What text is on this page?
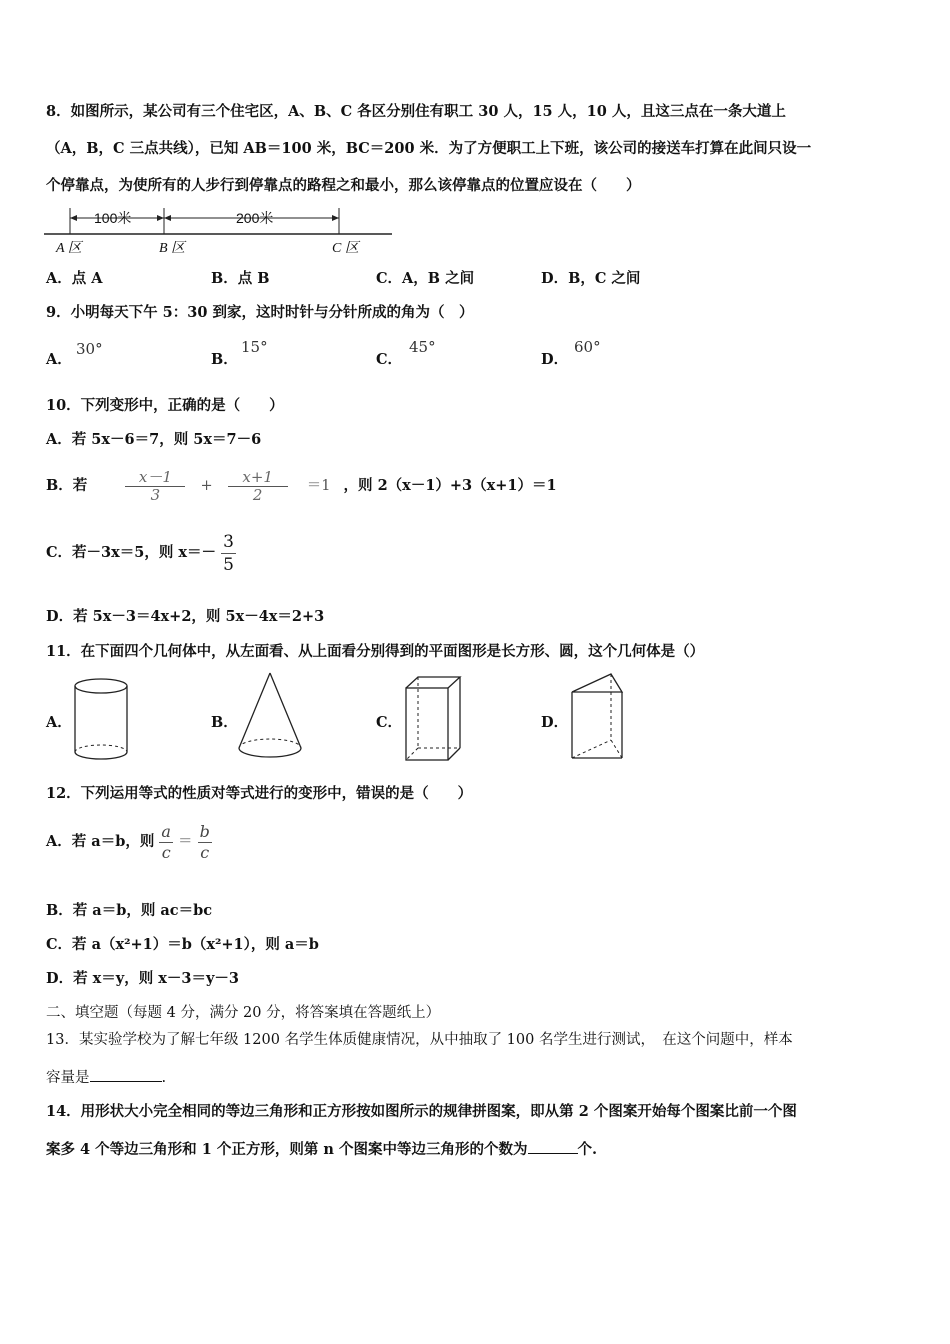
8．如图所示，某公司有三个住宅区，A、B、C 各区分别住有职工 30 人，15 人，10 人，且这三点在一条大道上
（A，B，C 三点共线），已知 AB＝100 米，BC＝200 米．为了方便职工上下班，该公司的接送车打算在此间只设一
个停靠点，为使所有的人步行到停靠点的路程之和最小，那么该停靠点的位置应设在（　　）
100米	200米
A 区	B 区	C 区
A．点 A	B．点 B	C．A，B 之间	D．B，C 之间
9．小明每天下午 5：30 到家，这时时针与分针所成的角为（　）
A．
30°
B．
15°
C．
45°
D．
60°
10．下列变形中，正确的是（　　）
A．若 5x－6＝7，则 5x＝7－6
B．若	$\frac{x-1}{3} + \frac{x+1}{2} =1$ ，则 2（x－1）+3（x+1）＝1
C．若－3x＝5，则 $x=- \frac{3}{5}$
D．若 5x－3＝4x+2，则 5x－4x＝2+3
11．在下面四个几何体中，从左面看、从上面看分别得到的平面图形是长方形、圆，这个几何体是（）
A．	B．	C．	D．
12．下列运用等式的性质对等式进行的变形中，错误的是（　　）
A．若 a＝b，则 $\frac{a}{c} = \frac{b}{c}$
B．若 a＝b，则 ac＝bc
C．若 a（x²+1）＝b（x²+1），则 a＝b
D．若 x＝y，则 x－3＝y－3
二、填空题（每题 4 分，满分 20 分，将答案填在答题纸上）
13．某实验学校为了解七年级 1200 名学生体质健康情况，从中抽取了 100 名学生进行测试，　在这个问题中，样本
容量是	.
14．用形状大小完全相同的等边三角形和正方形按如图所示的规律拼图案，即从第 2 个图案开始每个图案比前一个图
案多 4 个等边三角形和 1 个正方形，则第 n 个图案中等边三角形的个数为	个.
